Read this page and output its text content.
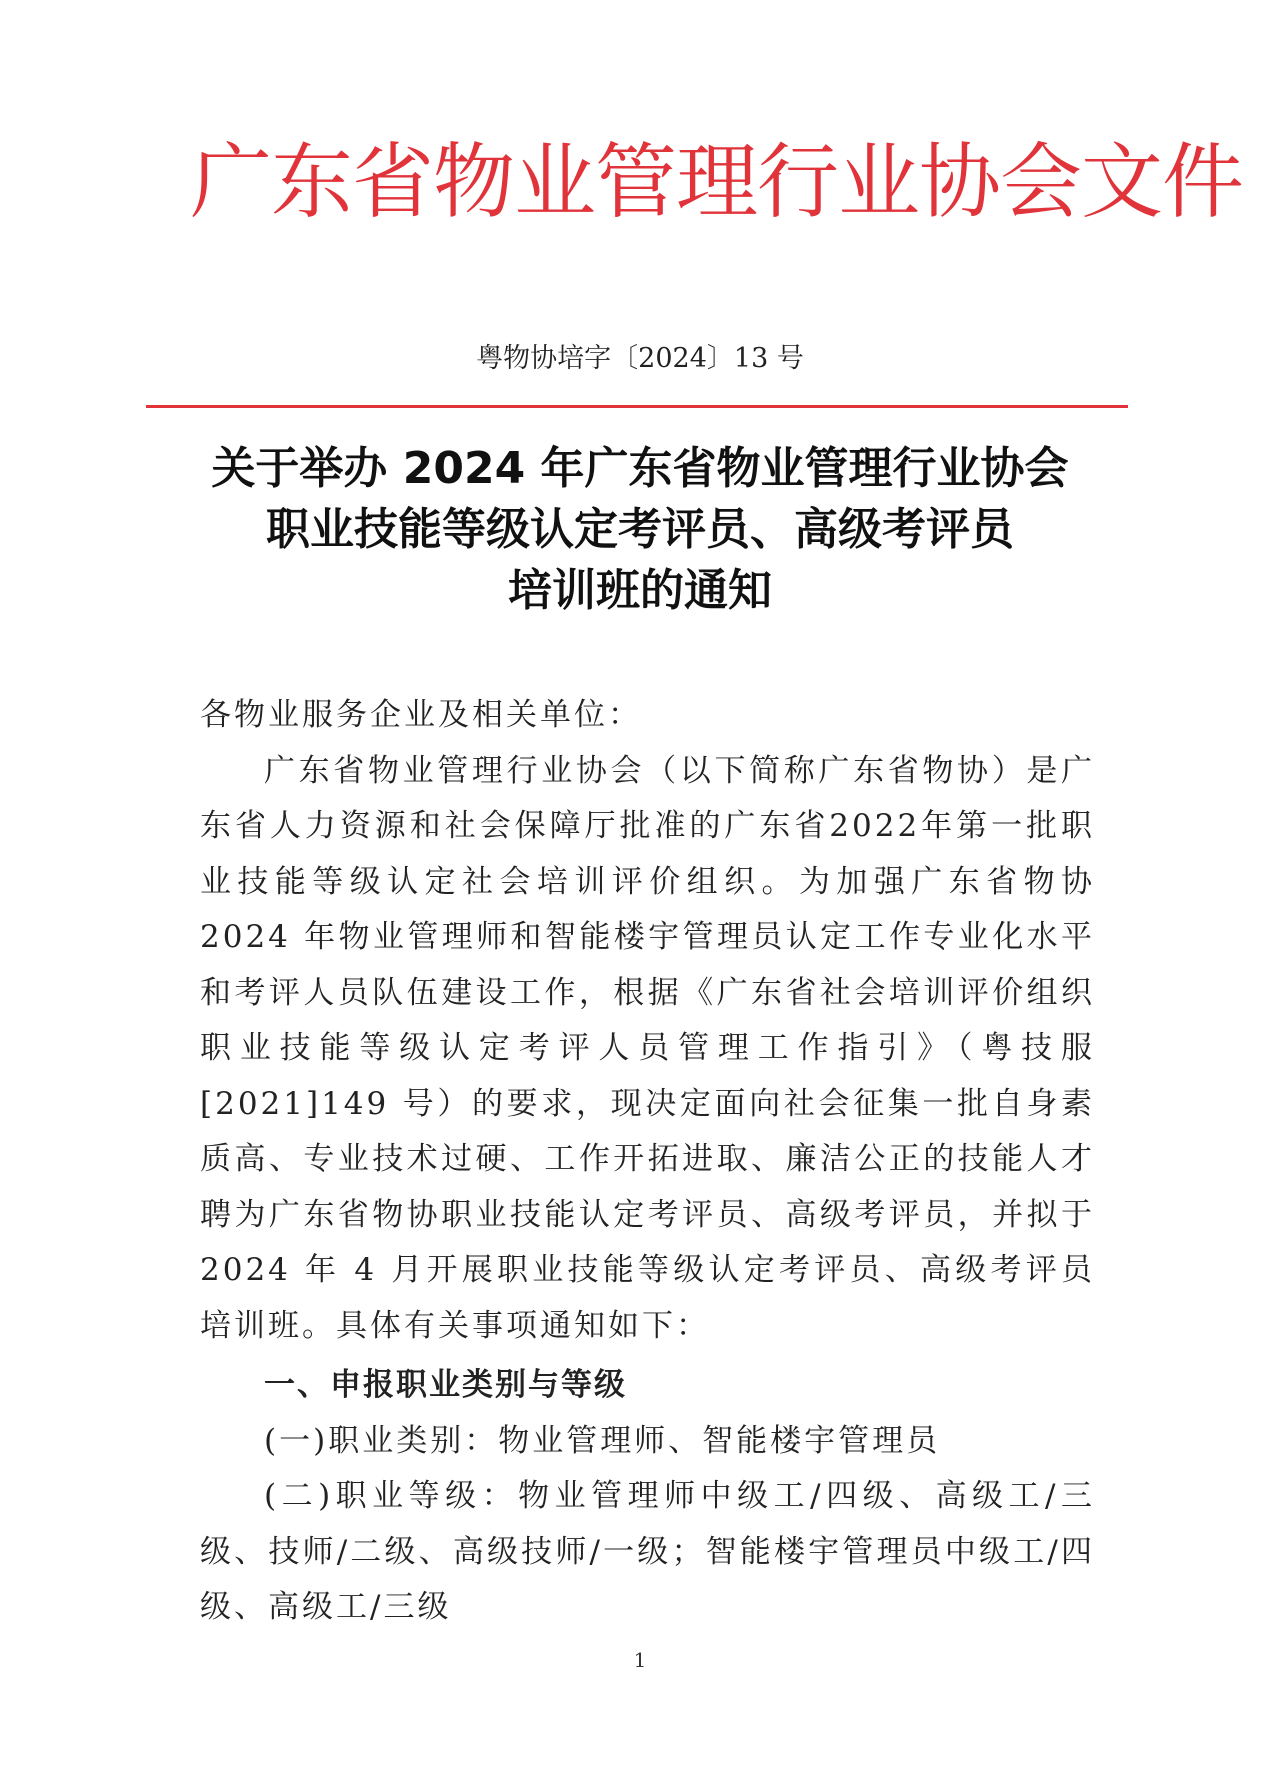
广东省物业管理行业协会文件
粤物协培字〔2024〕13 号
关于举办 2024 年广东省物业管理行业协会
职业技能等级认定考评员、高级考评员
培训班的通知

各物业服务企业及相关单位：

广东省物业管理行业协会（以下简称广东省物协）是广东省人力资源和社会保障厅批准的广东省2022年第一批职业技能等级认定社会培训评价组织。为加强广东省物协 2024 年物业管理师和智能楼宇管理员认定工作专业化水平和考评人员队伍建设工作，根据《广东省社会培训评价组织职业技能等级认定考评人员管理工作指引》（粤技服[2021]149 号）的要求，现决定面向社会征集一批自身素质高、专业技术过硬、工作开拓进取、廉洁公正的技能人才聘为广东省物协职业技能认定考评员、高级考评员，并拟于 2024 年 4 月开展职业技能等级认定考评员、高级考评员培训班。具体有关事项通知如下：

一、申报职业类别与等级

(一)职业类别：物业管理师、智能楼宇管理员

(二)职业等级：物业管理师中级工/四级、高级工/三级、技师/二级、高级技师/一级；智能楼宇管理员中级工/四级、高级工/三级

1
